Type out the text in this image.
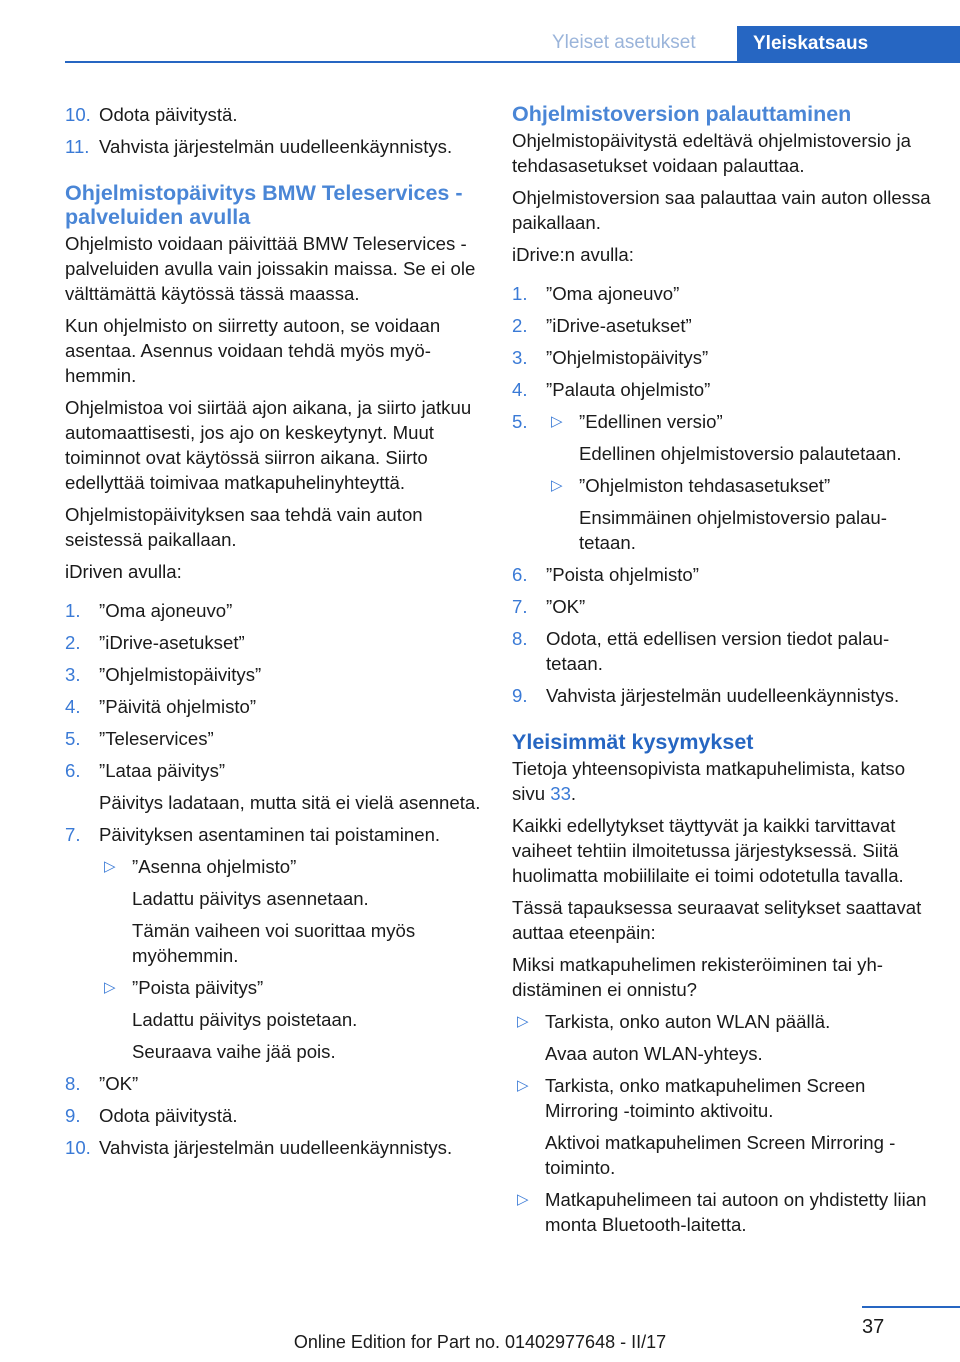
Yleiset asetukset	Yleiskatsaus
10. Odota päivitystä.
11. Vahvista järjestelmän uudelleenkäynnistys.
Ohjelmistopäivitys BMW Teleservices -palveluiden avulla

Ohjelmisto voidaan päivittää BMW Teleservices -palveluiden avulla vain joissakin maissa. Se ei ole välttämättä käytössä tässä maassa.

Kun ohjelmisto on siirretty autoon, se voidaan asentaa. Asennus voidaan tehdä myös myöhemmin.

Ohjelmistoa voi siirtää ajon aikana, ja siirto jatkuu automaattisesti, jos ajo on keskeytynyt. Muut toiminnot ovat käytössä siirron aikana. Siirto edellyttää toimivaa matkapuhelinyhteyttä.

Ohjelmistopäivityksen saa tehdä vain auton seistessä paikallaan.

iDriven avulla:

1. ”Oma ajoneuvo”
2. ”iDrive-asetukset”
3. ”Ohjelmistopäivitys”
4. ”Päivitä ohjelmisto”
5. ”Teleservices”
6. ”Lataa päivitys”
Päivitys ladataan, mutta sitä ei vielä asenneta.
7. Päivityksen asentaminen tai poistaminen.
▷ ”Asenna ohjelmisto”
Ladattu päivitys asennetaan.
Tämän vaiheen voi suorittaa myös myöhemmin.
▷ ”Poista päivitys”
Ladattu päivitys poistetaan.
Seuraava vaihe jää pois.
8. ”OK”
9. Odota päivitystä.
10. Vahvista järjestelmän uudelleenkäynnistys.
Ohjelmistoversion palauttaminen

Ohjelmistopäivitystä edeltävä ohjelmistoversio ja tehdasasetukset voidaan palauttaa.

Ohjelmistoversion saa palauttaa vain auton ollessa paikallaan.

iDrive:n avulla:

1. ”Oma ajoneuvo”
2. ”iDrive-asetukset”
3. ”Ohjelmistopäivitys”
4. ”Palauta ohjelmisto”
5. ▷ ”Edellinen versio”
Edellinen ohjelmistoversio palautetaan.
▷ ”Ohjelmiston tehdasasetukset”
Ensimmäinen ohjelmistoversio palautetaan.
6. ”Poista ohjelmisto”
7. ”OK”
8. Odota, että edellisen version tiedot palautetaan.
9. Vahvista järjestelmän uudelleenkäynnistys.
Yleisimmät kysymykset

Tietoja yhteensopivista matkapuhelimista, katso sivu 33.

Kaikki edellytykset täyttyvät ja kaikki tarvittavat vaiheet tehtiin ilmoitetussa järjestyksessä. Siitä huolimatta mobiililaite ei toimi odotetulla tavalla.

Tässä tapauksessa seuraavat selitykset saattavat auttaa eteenpäin:

Miksi matkapuhelimen rekisteröiminen tai yhdistäminen ei onnistu?

▷ Tarkista, onko auton WLAN päällä.
Avaa auton WLAN-yhteys.
▷ Tarkista, onko matkapuhelimen Screen Mirroring -toiminto aktivoitu.
Aktivoi matkapuhelimen Screen Mirroring -toiminto.
▷ Matkapuhelimeen tai autoon on yhdistetty liian monta Bluetooth-laitetta.
37
Online Edition for Part no. 01402977648 - II/17
